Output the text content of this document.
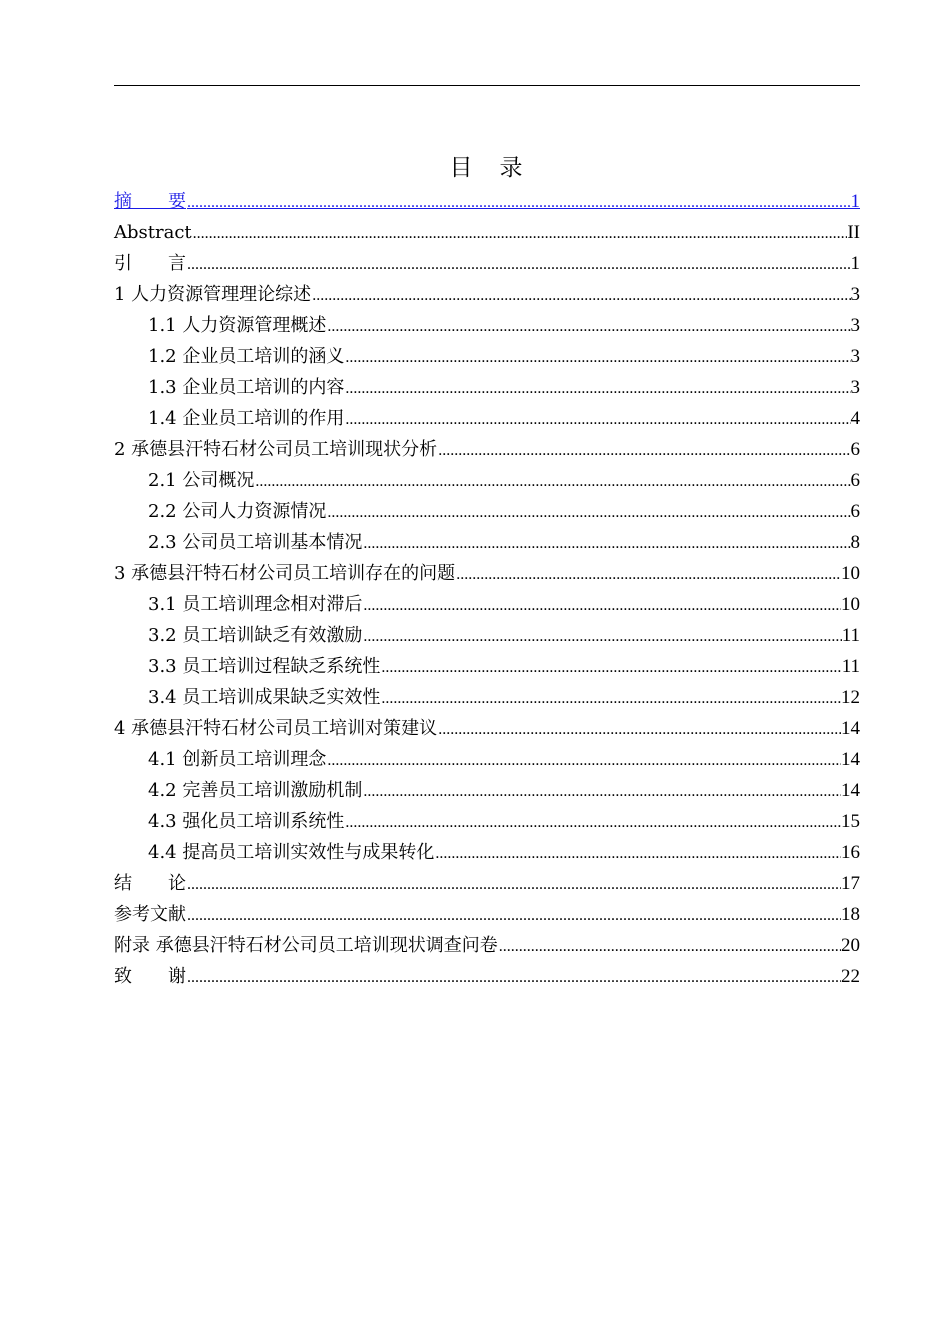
目　录
摘　　要 .....	1
Abstract .....	II
引　　言 .....	1
1 人力资源管理理论综述 .....	3
1.1 人力资源管理概述 .....	3
1.2 企业员工培训的涵义 .....	3
1.3 企业员工培训的内容 .....	3
1.4 企业员工培训的作用 .....	4
2 承德县汗特石材公司员工培训现状分析 .....	6
2.1 公司概况 .....	6
2.2 公司人力资源情况 .....	6
2.3 公司员工培训基本情况 .....	8
3 承德县汗特石材公司员工培训存在的问题 .....	10
3.1 员工培训理念相对滞后 .....	10
3.2 员工培训缺乏有效激励 .....	11
3.3 员工培训过程缺乏系统性 .....	11
3.4 员工培训成果缺乏实效性 .....	12
4 承德县汗特石材公司员工培训对策建议 .....	14
4.1 创新员工培训理念 .....	14
4.2 完善员工培训激励机制 .....	14
4.3 强化员工培训系统性 .....	15
4.4 提高员工培训实效性与成果转化 .....	16
结　　论 .....	17
参考文献 .....	18
附录 承德县汗特石材公司员工培训现状调查问卷 .....	20
致　　谢 .....	22
